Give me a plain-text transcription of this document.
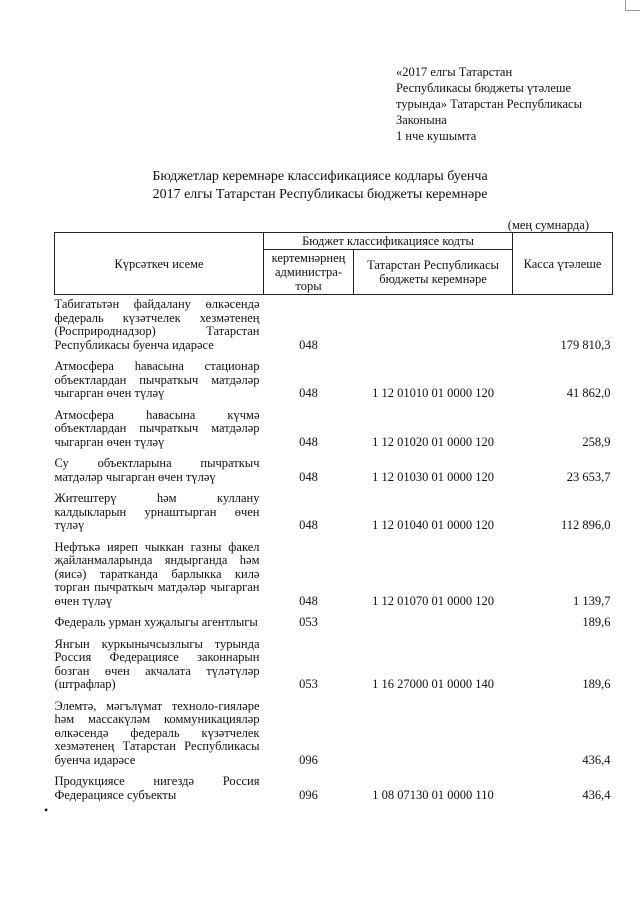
«2017 елгы Татарстан
Республикасы бюджеты үтәлеше
турында» Татарстан Республикасы
Законына
1 нче кушымта
Бюджетлар керемнәре классификациясе кодлары буенча
2017 елгы Татарстан Республикасы бюджеты керемнәре
(мең сумнарда)
Күрсәткеч исеме	Бюджет классификациясе кодты		Касса үтәлеше
	кертемнәрнең администра-торы	Татарстан Республикасы бюджеты керемнәре	
Табигатьтән файдалану өлкәсендә федераль күзәтчелек хезмәтенең (Росприроднадзор) Татарстан Республикасы буенча идарәсе	048		179 810,3
Атмосфера һавасына стационар объектлардан пычраткыч матдәләр чыгарган өчен түләү	048	1 12 01010 01 0000 120	41 862,0
Атмосфера һавасына күчмә объектлардан пычраткыч матдәләр чыгарган өчен түләү	048	1 12 01020 01 0000 120	258,9
Су объектларына пычраткыч матдәләр чыгарган өчен түләү	048	1 12 01030 01 0000 120	23 653,7
Житештерү һәм куллану калдыкларын урнаштырган өчен түләү	048	1 12 01040 01 0000 120	112 896,0
Нефтькә ияреп чыккан газны факел җайланмаларында яндырганда һәм (яисә) таратканда барлыкка килә торган пычраткыч матдәләр чыгарган өчен түләү	048	1 12 01070 01 0000 120	1 139,7
Федераль урман хуҗалыгы агентлыгы	053		189,6
Янгын куркынычсызлыгы турында Россия Федерациясе законнарын бозган өчен акчалата түләтүләр (штрафлар)	053	1 16 27000 01 0000 140	189,6
Элемтә, мәгълүмат техноло-гияләре һәм массакүләм коммуникацияләр өлкәсендә федераль күзәтчелек хезмәтенең Татарстан Республикасы буенча идарәсе	096		436,4
Продукциясе нигездә Россия Федерациясе субъекты	096	1 08 07130 01 0000 110	436,4
•
